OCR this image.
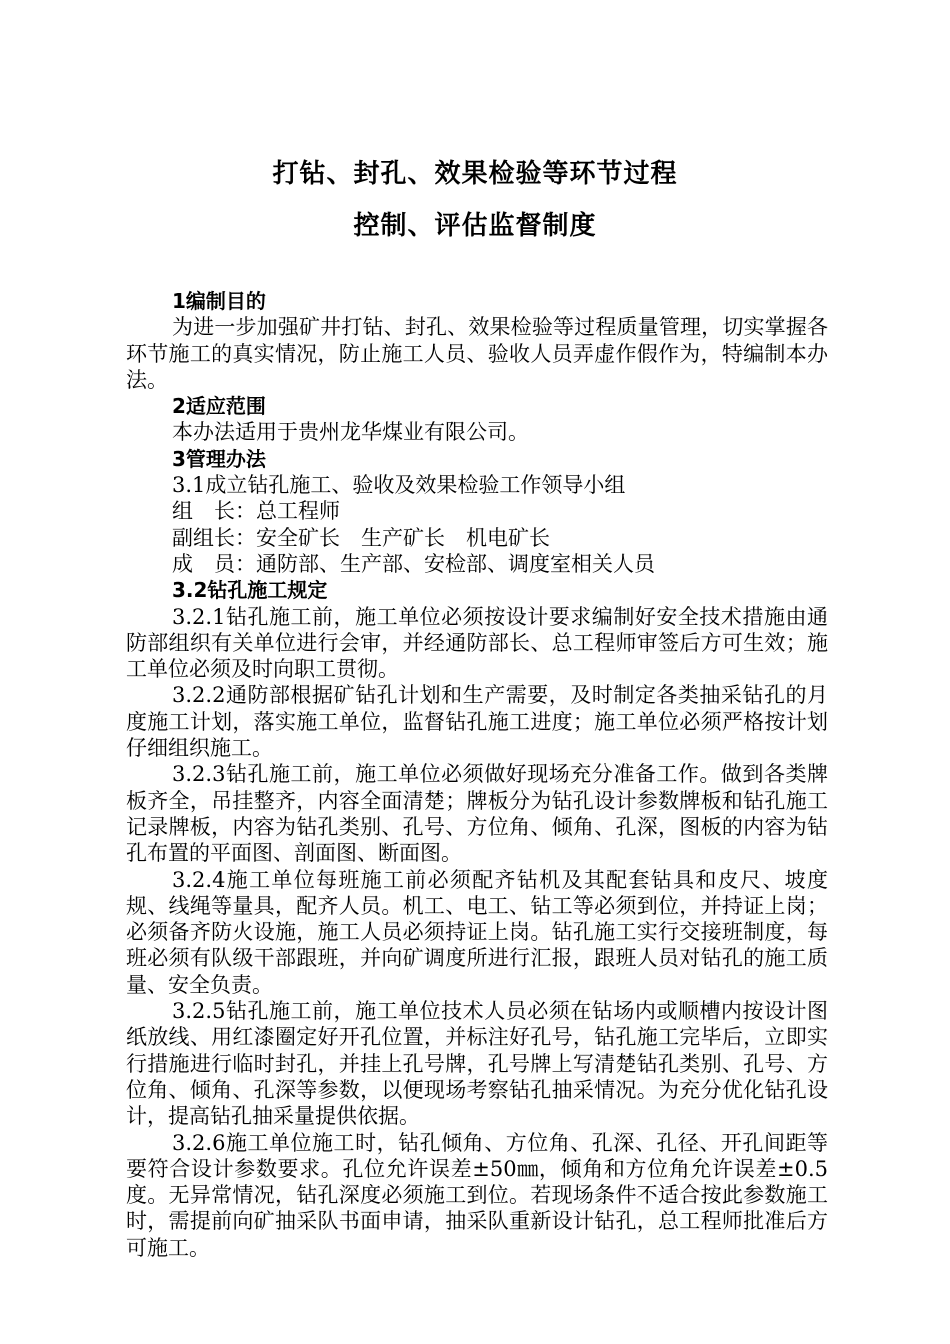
打钻、封孔、效果检验等环节过程
控制、评估监督制度
1编制目的

为进一步加强矿井打钻、封孔、效果检验等过程质量管理，切实掌握各环节施工的真实情况，防止施工人员、验收人员弄虚作假作为，特编制本办法。

2适应范围

本办法适用于贵州龙华煤业有限公司。

3管理办法
3.1成立钻孔施工、验收及效果检验工作领导小组
组　长：总工程师
副组长：安全矿长　生产矿长　机电矿长
成　员：通防部、生产部、安检部、调度室相关人员
3.2钻孔施工规定

3.2.1钻孔施工前，施工单位必须按设计要求编制好安全技术措施由通防部组织有关单位进行会审，并经通防部长、总工程师审签后方可生效；施工单位必须及时向职工贯彻。

3.2.2通防部根据矿钻孔计划和生产需要，及时制定各类抽采钻孔的月度施工计划，落实施工单位，监督钻孔施工进度；施工单位必须严格按计划仔细组织施工。

3.2.3钻孔施工前，施工单位必须做好现场充分准备工作。做到各类牌板齐全，吊挂整齐，内容全面清楚；牌板分为钻孔设计参数牌板和钻孔施工记录牌板，内容为钻孔类别、孔号、方位角、倾角、孔深，图板的内容为钻孔布置的平面图、剖面图、断面图。

3.2.4施工单位每班施工前必须配齐钻机及其配套钻具和皮尺、坡度规、线绳等量具，配齐人员。机工、电工、钻工等必须到位，并持证上岗；必须备齐防火设施，施工人员必须持证上岗。钻孔施工实行交接班制度，每班必须有队级干部跟班，并向矿调度所进行汇报，跟班人员对钻孔的施工质量、安全负责。

3.2.5钻孔施工前，施工单位技术人员必须在钻场内或顺槽内按设计图纸放线、用红漆圈定好开孔位置，并标注好孔号，钻孔施工完毕后，立即实行措施进行临时封孔，并挂上孔号牌，孔号牌上写清楚钻孔类别、孔号、方位角、倾角、孔深等参数，以便现场考察钻孔抽采情况。为充分优化钻孔设计，提高钻孔抽采量提供依据。

3.2.6施工单位施工时，钻孔倾角、方位角、孔深、孔径、开孔间距等要符合设计参数要求。孔位允许误差±50㎜，倾角和方位角允许误差±0.5度。无异常情况，钻孔深度必须施工到位。若现场条件不适合按此参数施工时，需提前向矿抽采队书面申请，抽采队重新设计钻孔，总工程师批准后方可施工。
